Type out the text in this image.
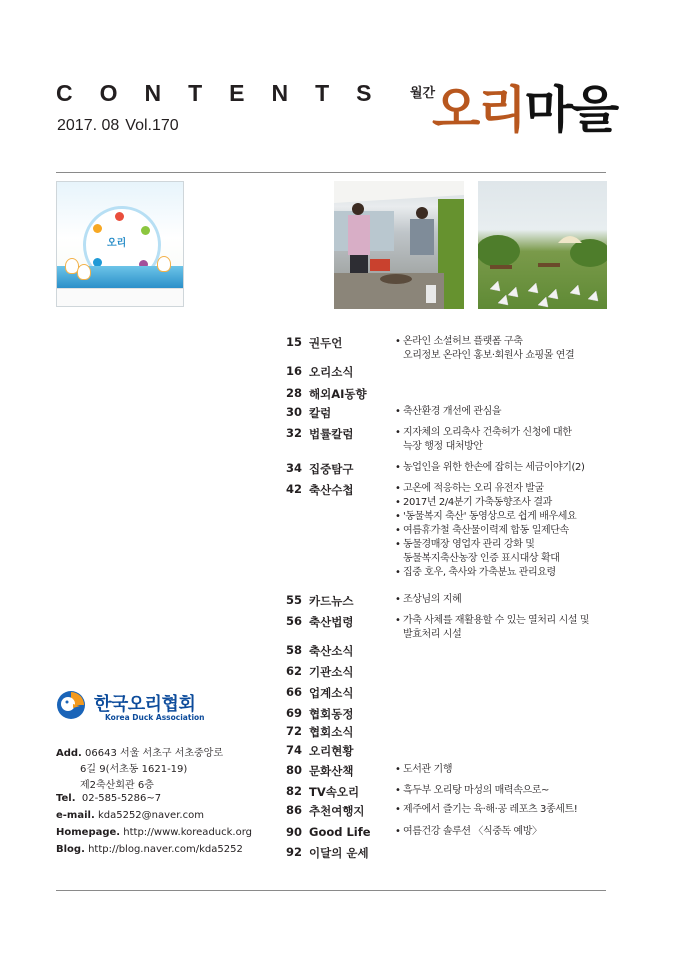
CONTENTS
2017. 08 Vol.170
월간
오리마을
오리
15 권두언	• 온라인 소셜허브 플랫폼 구축
오리정보 온라인 홍보·회원사 쇼핑몰 연결
16 오리소식
28 해외AI동향
30 칼럼	• 축산환경 개선에 관심을
32 법률칼럼	• 지자체의 오리축사 건축허가 신청에 대한
늑장 행정 대처방안
34 집중탐구	• 농업인을 위한 한손에 잡히는 세금이야기(2)
42 축산수첩	• 고온에 적응하는 오리 유전자 발굴
• 2017년 2/4분기 가축동향조사 결과
• '동물복지 축산' 동영상으로 쉽게 배우세요
• 여름휴가철 축산물이력제 합동 일제단속
• 동물경매장 영업자 관리 강화 및
동물복지축산농장 인증 표시대상 확대
• 집중 호우, 축사와 가축분뇨 관리요령
55 카드뉴스	• 조상님의 지혜
56 축산법령	• 가축 사체를 재활용할 수 있는 열처리 시설 및
발효처리 시설
58 축산소식
62 기관소식
66 업계소식
69 협회동정
72 협회소식
74 오리현황
80 문화산책	• 도서관 기행
82 TV속오리	• 흑두부 오리탕 마성의 매력속으로~
86 추천여행지	• 제주에서 즐기는 육·해·공 레포츠 3종세트!
90 Good Life	• 여름건강 솔루션 〈식중독 예방〉
92 이달의 운세
한국오리협회
Korea Duck Association
Add. 06643 서울 서초구 서초중앙로
6길 9(서초동 1621-19)
제2축산회관 6층
Tel. 02-585-5286~7
e-mail. kda5252@naver.com
Homepage. http://www.koreaduck.org
Blog. http://blog.naver.com/kda5252
